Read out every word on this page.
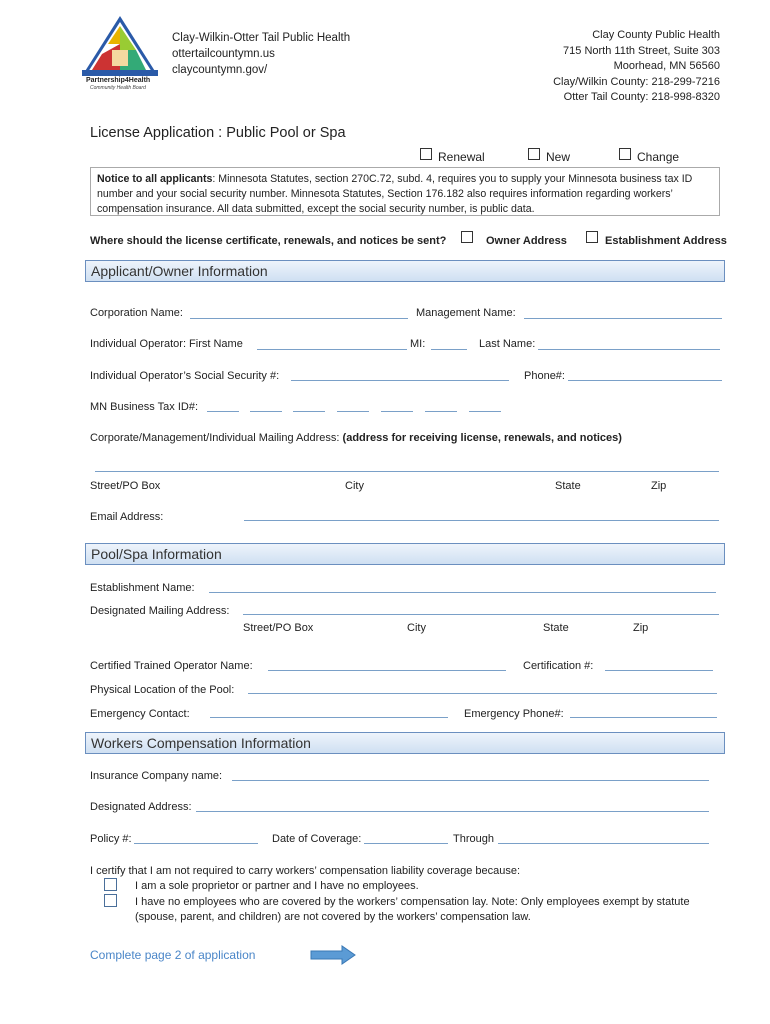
Partnership4Health
Community Health Board
Clay-Wilkin-Otter Tail Public Health
ottertailcountymn.us
claycountymn.gov/
Clay County Public Health
715 North 11th Street, Suite 303
Moorhead, MN 56560
Clay/Wilkin County: 218-299-7216
Otter Tail County: 218-998-8320
License Application : Public Pool or Spa
Renewal	New	Change
Notice to all applicants: Minnesota Statutes, section 270C.72, subd. 4, requires you to supply your Minnesota business tax ID number and your social security number. Minnesota Statutes, Section 176.182 also requires information regarding workers’ compensation insurance. All data submitted, except the social security number, is public data.
Where should the license certificate, renewals, and notices be sent?	Owner Address	Establishment Address
Applicant/Owner Information
Corporation Name:	Management Name:
Individual Operator: First Name	MI:	Last Name:
Individual Operator’s Social Security #:	Phone#:
MN Business Tax ID#:
Corporate/Management/Individual Mailing Address: (address for receiving license, renewals, and notices)
Street/PO Box	City	State	Zip
Email Address:
Pool/Spa Information
Establishment Name:
Designated Mailing Address:
Street/PO Box	City	State	Zip
Certified Trained Operator Name:	Certification #:
Physical Location of the Pool:
Emergency Contact:	Emergency Phone#:
Workers Compensation Information
Insurance Company name:
Designated Address:
Policy #:	Date of Coverage:	Through
I certify that I am not required to carry workers’ compensation liability coverage because:
I am a sole proprietor or partner and I have no employees.
I have no employees who are covered by the workers’ compensation lay. Note: Only employees exempt by statute
(spouse, parent, and children) are not covered by the workers’ compensation law.
Complete page 2 of application
